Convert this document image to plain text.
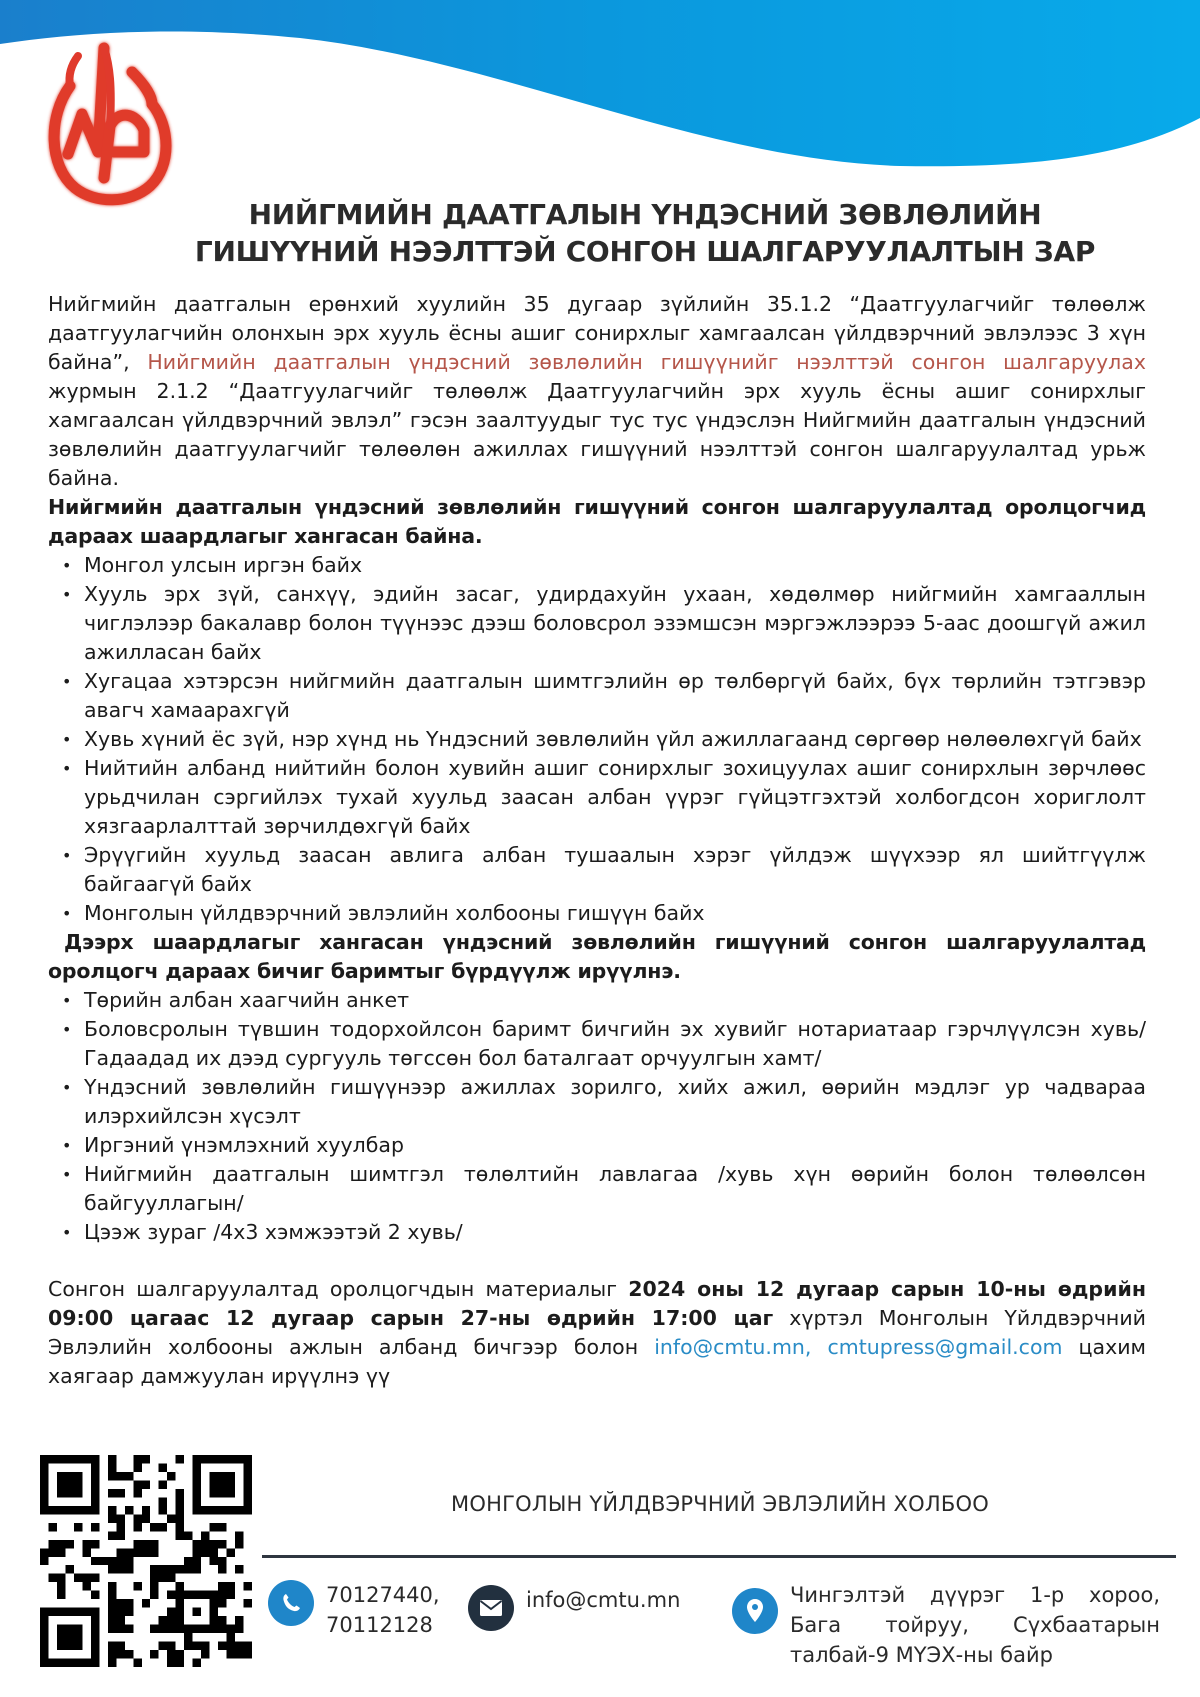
НИЙГМИЙН ДААТГАЛЫН ҮНДЭСНИЙ ЗӨВЛӨЛИЙН
ГИШҮҮНИЙ НЭЭЛТТЭЙ СОНГОН ШАЛГАРУУЛАЛТЫН ЗАР

Нийгмийн даатгалын ерөнхий хуулийн 35 дугаар зүйлийн 35.1.2 “Даатгуулагчийг төлөөлж даатгуулагчийн олонхын эрх хууль ёсны ашиг сонирхлыг хамгаалсан үйлдвэрчний эвлэлээс 3 хүн байна”, Нийгмийн даатгалын үндэсний зөвлөлийн гишүүнийг нээлттэй сонгон шалгаруулах журмын 2.1.2 “Даатгуулагчийг төлөөлж Даатгуулагчийн эрх хууль ёсны ашиг сонирхлыг хамгаалсан үйлдвэрчний эвлэл” гэсэн заалтуудыг тус тус үндэслэн Нийгмийн даатгалын үндэсний зөвлөлийн даатгуулагчийг төлөөлөн ажиллах гишүүний нээлттэй сонгон шалгаруулалтад урьж байна.

Нийгмийн даатгалын үндэсний зөвлөлийн гишүүний сонгон шалгаруулалтад оролцогчид дараах шаардлагыг хангасан байна.

• Монгол улсын иргэн байх
• Хууль эрх зүй, санхүү, эдийн засаг, удирдахуйн ухаан, хөдөлмөр нийгмийн хамгааллын чиглэлээр бакалавр болон түүнээс дээш боловсрол эзэмшсэн мэргэжлээрээ 5-аас доошгүй ажил ажилласан байх
• Хугацаа хэтэрсэн нийгмийн даатгалын шимтгэлийн өр төлбөргүй байх, бүх төрлийн тэтгэвэр авагч хамаарахгүй
• Хувь хүний ёс зүй, нэр хүнд нь Үндэсний зөвлөлийн үйл ажиллагаанд сөргөөр нөлөөлөхгүй байх
• Нийтийн албанд нийтийн болон хувийн ашиг сонирхлыг зохицуулах ашиг сонирхлын зөрчлөөс урьдчилан сэргийлэх тухай хуульд заасан албан үүрэг гүйцэтгэхтэй холбогдсон хориглолт хязгаарлалттай зөрчилдөхгүй байх
• Эрүүгийн хуульд заасан авлига албан тушаалын хэрэг үйлдэж шүүхээр ял шийтгүүлж байгаагүй байх
• Монголын үйлдвэрчний эвлэлийн холбооны гишүүн байх

Дээрх шаардлагыг хангасан үндэсний зөвлөлийн гишүүний сонгон шалгаруулалтад оролцогч дараах бичиг баримтыг бүрдүүлж ирүүлнэ.

• Төрийн албан хаагчийн анкет
• Боловсролын түвшин тодорхойлсон баримт бичгийн эх хувийг нотариатаар гэрчлүүлсэн хувь/Гадаадад их дээд сургууль төгссөн бол баталгаат орчуулгын хамт/
• Үндэсний зөвлөлийн гишүүнээр ажиллах зорилго, хийх ажил, өөрийн мэдлэг ур чадвараа илэрхийлсэн хүсэлт
• Иргэний үнэмлэхний хуулбар
• Нийгмийн даатгалын шимтгэл төлөлтийн лавлагаа /хувь хүн өөрийн болон төлөөлсөн байгууллагын/
• Цээж зураг /4х3 хэмжээтэй 2 хувь/

Сонгон шалгаруулалтад оролцогчдын материалыг 2024 оны 12 дугаар сарын 10-ны өдрийн 09:00 цагаас 12 дугаар сарын 27-ны өдрийн 17:00 цаг хүртэл Монголын Үйлдвэрчний Эвлэлийн холбооны ажлын албанд бичгээр болон info@cmtu.mn, cmtupress@gmail.com цахим хаягаар дамжуулан ирүүлнэ үү

МОНГОЛЫН ҮЙЛДВЭРЧНИЙ ЭВЛЭЛИЙН ХОЛБОО
70127440,
70112128
info@cmtu.mn	Чингэлтэй дүүрэг 1-р хороо, Бага тойруу, Сүхбаатарын талбай-9 МҮЭХ-ны байр
